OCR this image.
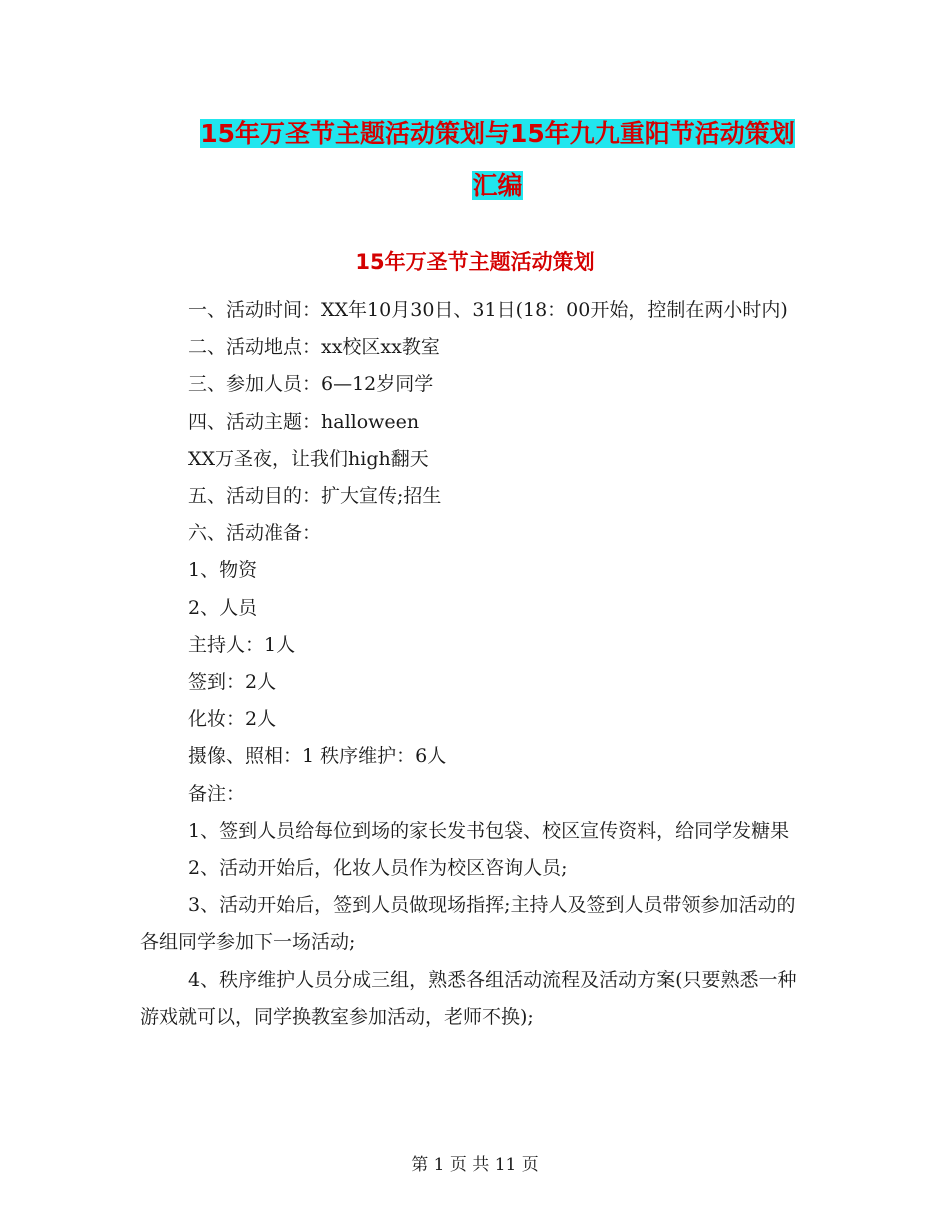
15年万圣节主题活动策划与15年九九重阳节活动策划
汇编
15年万圣节主题活动策划

一、活动时间：XX年10月30日、31日(18：00开始，控制在两小时内)

二、活动地点：xx校区xx教室

三、参加人员：6—12岁同学

四、活动主题：halloween

XX万圣夜，让我们high翻天

五、活动目的：扩大宣传;招生

六、活动准备：

1、物资

2、人员

主持人：1人

签到：2人

化妆：2人

摄像、照相：1 秩序维护：6人

备注：

1、签到人员给每位到场的家长发书包袋、校区宣传资料，给同学发糖果

2、活动开始后，化妆人员作为校区咨询人员;

3、活动开始后，签到人员做现场指挥;主持人及签到人员带领参加活动的各组同学参加下一场活动;

4、秩序维护人员分成三组，熟悉各组活动流程及活动方案(只要熟悉一种游戏就可以，同学换教室参加活动，老师不换);

第 1 页 共 11 页
